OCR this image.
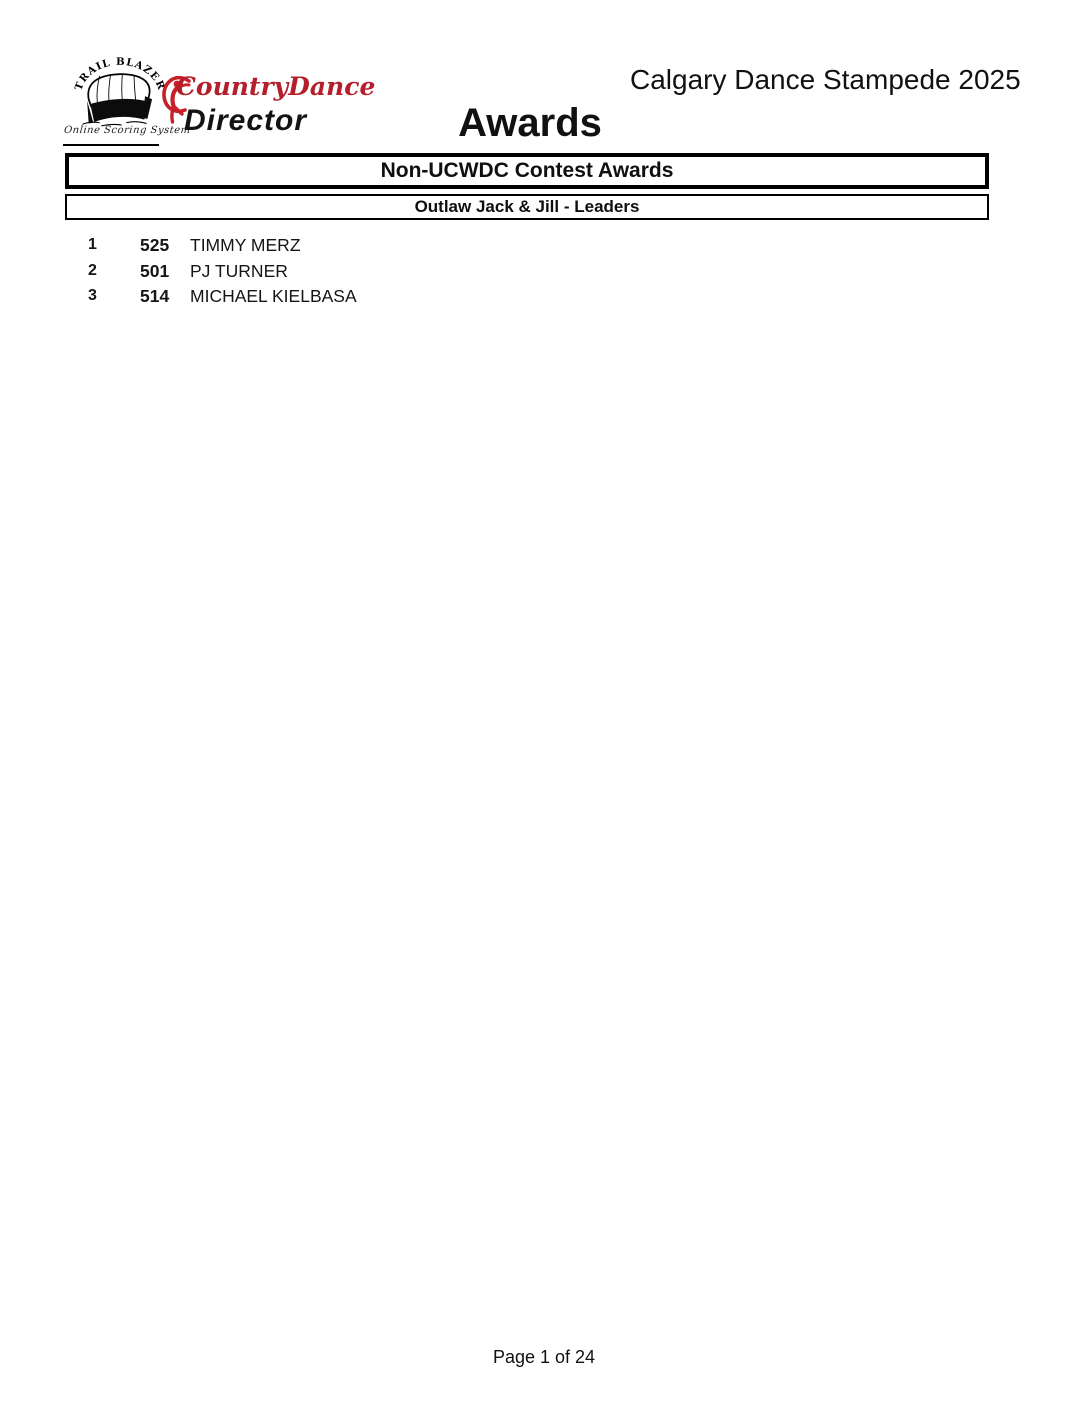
TRAIL BLAZER
Online Scoring System
CountryDance
Director
Calgary Dance Stampede 2025
Awards
Non-UCWDC Contest Awards
Outlaw Jack & Jill - Leaders
1 525 TIMMY MERZ
2 501 PJ TURNER
3 514 MICHAEL KIELBASA
Page 1 of 24
